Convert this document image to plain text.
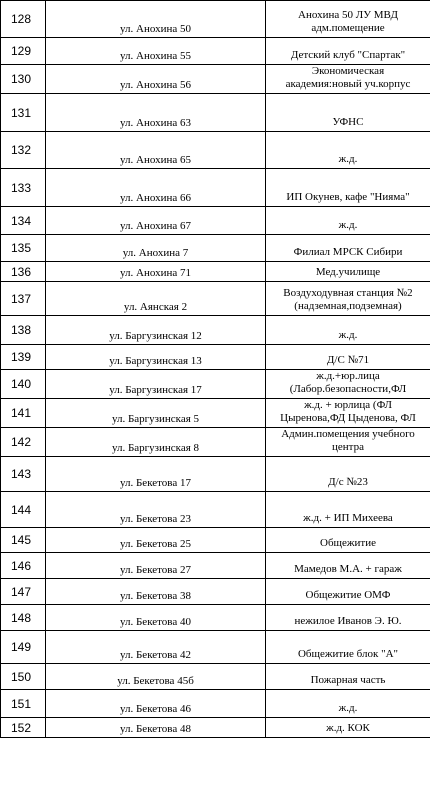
128	ул. Анохина 50	Анохина 50 ЛУ МВД
адм.помещение

129	ул. Анохина 55	Детский клуб "Спартак"

130	ул. Анохина 56	Экономическая
академия:новый уч.корпус

131	ул. Анохина 63	УФНС

132	ул. Анохина 65	ж.д.

133	ул. Анохина 66	ИП Окунев, кафе "Нияма"

134	ул. Анохина 67	ж.д.

135	ул. Анохина 7	Филиал МРСК Сибири

136	ул. Анохина 71	Мед.училище

137	ул. Аянская 2	Воздуходувная станция №2
(надземная,подземная)

138	ул. Баргузинская 12	ж.д.

139	ул. Баргузинская 13	Д/С №71

140	ул. Баргузинская 17	ж.д.+юр.лица
(Лабор.безопасности,ФЛ

141	ул. Баргузинская 5	ж.д. + юрлица (ФЛ
Цыренова,ФД Цыденова, ФЛ

142	ул. Баргузинская 8	Админ.помещения учебного
центра

143	ул. Бекетова 17	Д/с №23

144	ул. Бекетова 23	ж.д. + ИП Михеева

145	ул. Бекетова 25	Общежитие

146	ул. Бекетова 27	Мамедов М.А. + гараж

147	ул. Бекетова 38	Общежитие ОМФ

148	ул. Бекетова 40	нежилое Иванов Э. Ю.

149	ул. Бекетова 42	Общежитие блок "А"

150	ул. Бекетова 45б	Пожарная часть

151	ул. Бекетова 46	ж.д.

152	ул. Бекетова 48	ж.д. КОК
